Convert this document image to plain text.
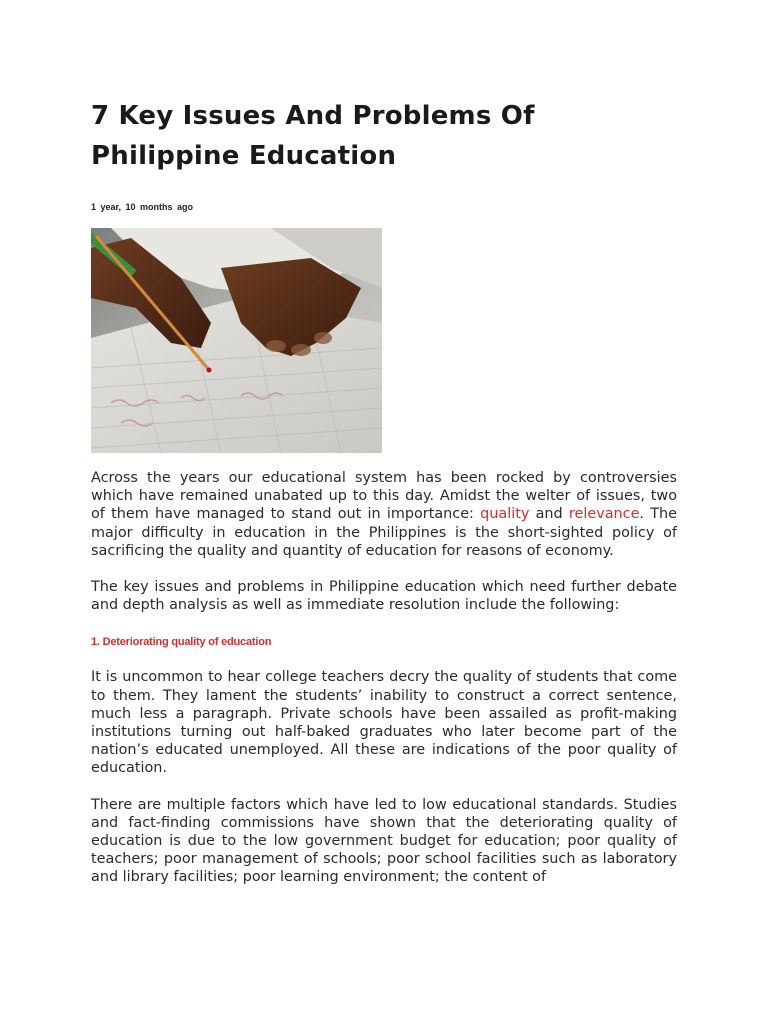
7 Key Issues And Problems Of Philippine Education
1 year, 10 months ago

Across the years our educational system has been rocked by controversies which have remained unabated up to this day. Amidst the welter of issues, two of them have managed to stand out in importance: quality and relevance. The major difficulty in education in the Philippines is the short-sighted policy of sacrificing the quality and quantity of education for reasons of economy.

The key issues and problems in Philippine education which need further debate and depth analysis as well as immediate resolution include the following:

1. Deteriorating quality of education

It is uncommon to hear college teachers decry the quality of students that come to them. They lament the students’ inability to construct a correct sentence, much less a paragraph. Private schools have been assailed as profit-making institutions turning out half-baked graduates who later become part of the nation’s educated unemployed. All these are indications of the poor quality of education.

There are multiple factors which have led to low educational standards. Studies and fact-finding commissions have shown that the deteriorating quality of education is due to the low government budget for education; poor quality of teachers; poor management of schools; poor school facilities such as laboratory and library facilities; poor learning environment; the content of
